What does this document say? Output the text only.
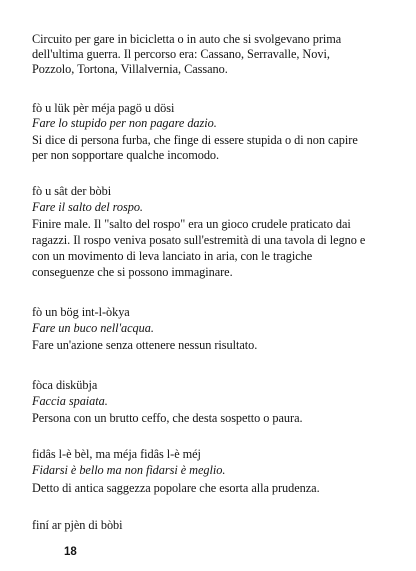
Circuito per gare in bicicletta o in auto che si svolgevano prima
dell'ultima guerra. Il percorso era: Cassano, Serravalle, Novi,
Pozzolo, Tortona, Villalvernia, Cassano.
fò u lük pèr méja pagö u dösi
Fare lo stupido per non pagare dazio.
Si dice di persona furba, che finge di essere stupida o di non capire
per non sopportare qualche incomodo.
fò u sât der bòbi
Fare il salto del rospo.
Finire male. Il "salto del rospo" era un gioco crudele praticato dai
ragazzi. Il rospo veniva posato sull'estremità di una tavola di legno e
con un movimento di leva lanciato in aria, con le tragiche
conseguenze che si possono immaginare.
fò un bög int-l-òkya
Fare un buco nell'acqua.
Fare un'azione senza ottenere nessun risultato.
fòca diskübja
Faccia spaiata.
Persona con un brutto ceffo, che desta sospetto o paura.
fidâs l-è bèl, ma méja fidâs l-è méj
Fidarsi è bello ma non fidarsi è meglio.
Detto di antica saggezza popolare che esorta alla prudenza.
finí ar pjèn di bòbi
18
